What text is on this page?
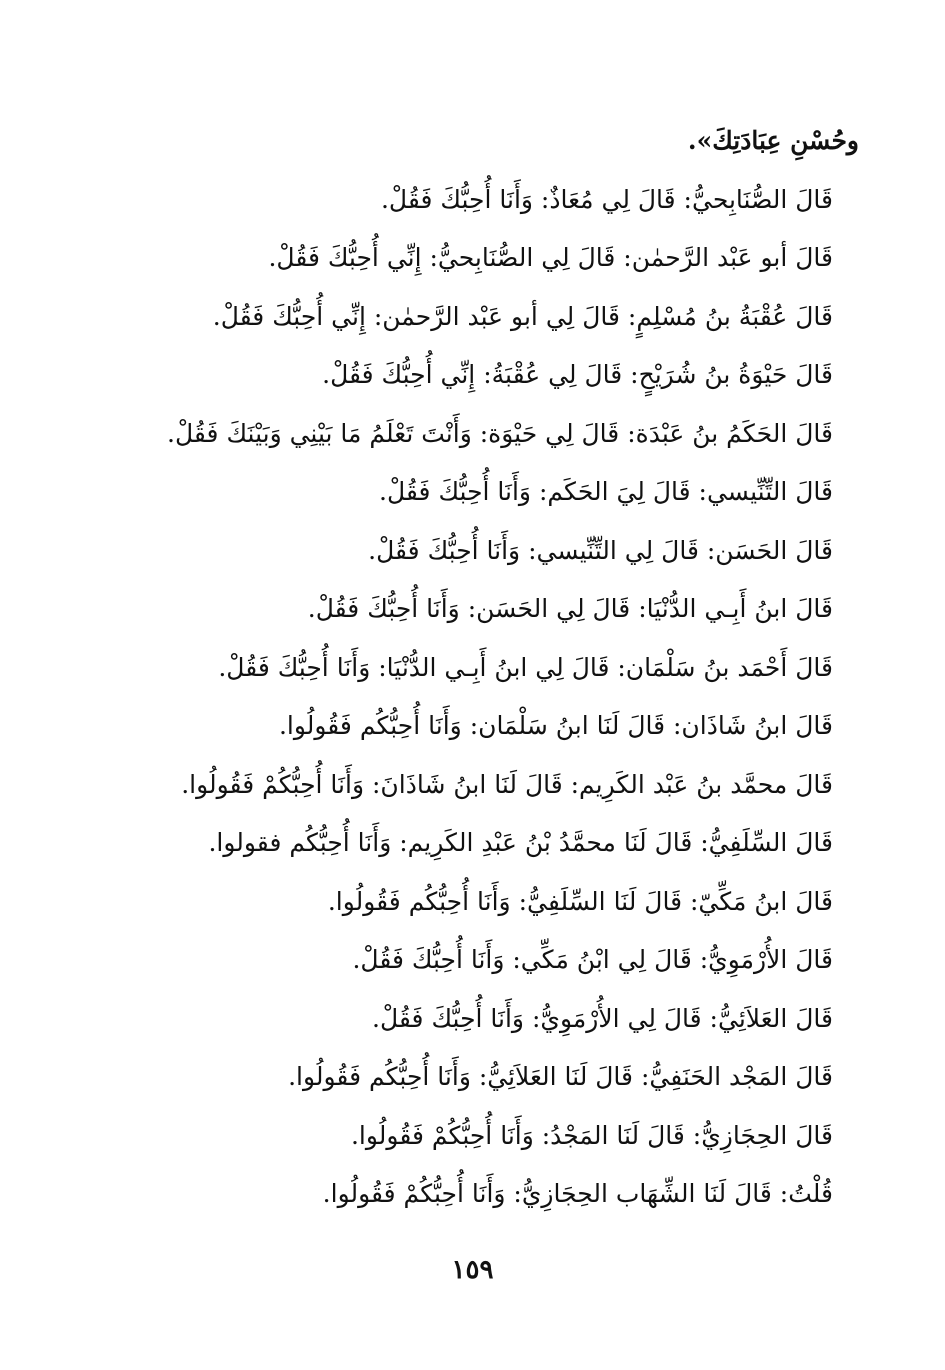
وحُسْنِ عِبَادَتِكَ».
قَالَ الصُّنَابِحيُّ: قَالَ لِي مُعَاذٌ: وَأَنَا أُحِبُّكَ فَقُلْ.
قَالَ أبو عَبْد الرَّحمٰن: قَالَ لِي الصُّنَابِحيُّ: إِنِّي أُحِبُّكَ فَقُلْ.
قَالَ عُقْبَةُ بنُ مُسْلِمٍ: قَالَ لِي أبو عَبْد الرَّحمٰن: إِنِّي أُحِبُّكَ فَقُلْ.
قَالَ حَيْوَةُ بنُ شُرَيْحٍ: قَالَ لِي عُقْبَةُ: إِنِّي أُحِبُّكَ فَقُلْ.
قَالَ الحَكَمُ بنُ عَبْدَة: قَالَ لِي حَيْوَة: وَأَنْتَ تَعْلَمُ مَا بَيْنِي وَبَيْنَكَ فَقُلْ.
قَالَ التِّنِّيسي: قَالَ لِيَ الحَكَم: وَأَنَا أُحِبُّكَ فَقُلْ.
قَالَ الحَسَن: قَالَ لِي التِّنِّيسي: وَأَنَا أُحِبُّكَ فَقُلْ.
قَالَ ابنُ أَبِـي الدُّنْيَا: قَالَ لِي الحَسَن: وَأَنَا أُحِبُّكَ فَقُلْ.
قَالَ أَحْمَد بنُ سَلْمَان: قَالَ لِي ابنُ أَبِـي الدُّنْيَا: وَأَنَا أُحِبُّكَ فَقُلْ.
قَالَ ابنُ شَاذَان: قَالَ لَنَا ابنُ سَلْمَان: وَأَنَا أُحِبُّكُم فَقُولُوا.
قَالَ محمَّد بنُ عَبْد الكَرِيم: قَالَ لَنَا ابنُ شَاذَانَ: وَأَنَا أُحِبُّكُمْ فَقُولُوا.
قَالَ السِّلَفِيُّ: قَالَ لَنَا محمَّدُ بْنُ عَبْدِ الكَرِيم: وَأَنَا أُحِبُّكُم فقولوا.
قَالَ ابنُ مَكِّيّ: قَالَ لَنَا السِّلَفِيُّ: وَأَنَا أُحِبُّكُم فَقُولُوا.
قَالَ الأُرْمَوِيُّ: قَالَ لِي ابْنُ مَكِّي: وَأَنَا أُحِبُّكَ فَقُلْ.
قَالَ العَلاَئِيُّ: قَالَ لِي الأُرْمَوِيُّ: وَأَنَا أُحِبُّكَ فَقُلْ.
قَالَ المَجْد الحَنَفِيُّ: قَالَ لَنَا العَلاَئِيُّ: وَأَنَا أُحِبُّكُم فَقُولُوا.
قَالَ الحِجَازِيُّ: قَالَ لَنَا المَجْدُ: وَأَنَا أُحِبُّكُمْ فَقُولُوا.
قُلْتُ: قَالَ لَنَا الشِّهَاب الحِجَازِيُّ: وَأَنَا أُحِبُّكُمْ فَقُولُوا.
١٥٩
